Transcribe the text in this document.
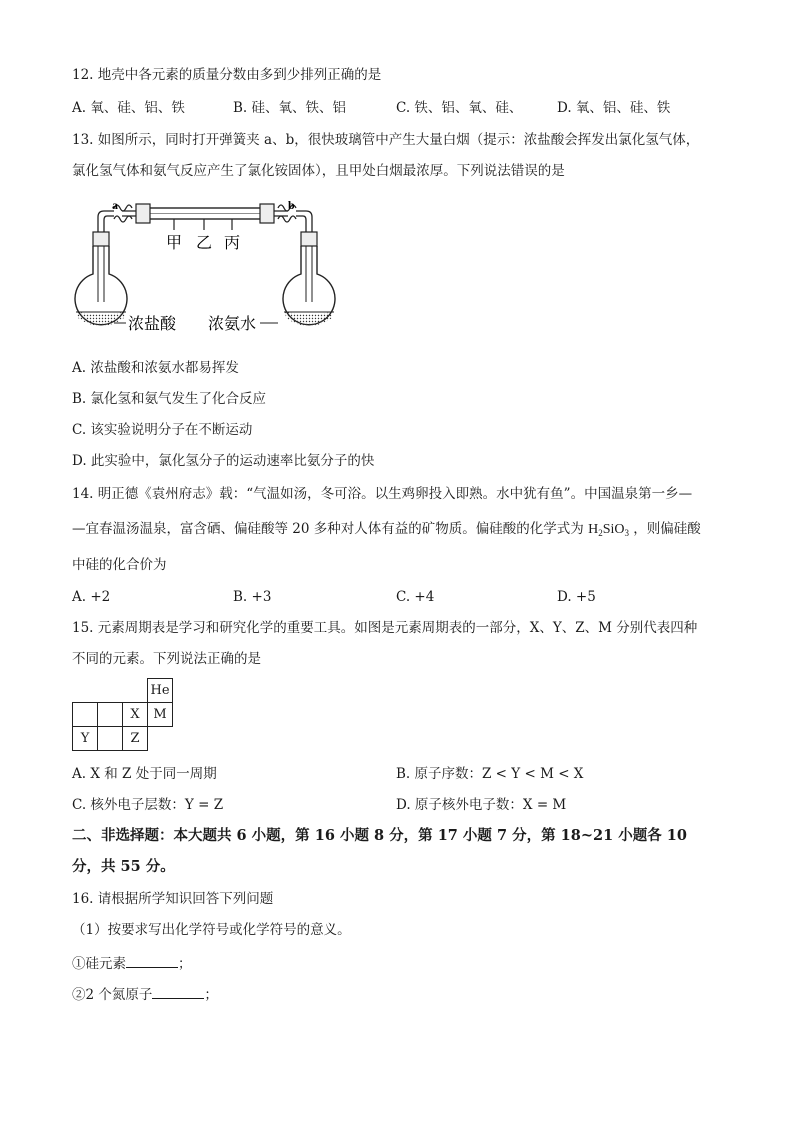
12. 地壳中各元素的质量分数由多到少排列正确的是
A. 氧、硅、铝、铁	B. 硅、氧、铁、铝	C. 铁、铝、氧、硅、	D. 氧、铝、硅、铁
13. 如图所示，同时打开弹簧夹 a、b，很快玻璃管中产生大量白烟（提示：浓盐酸会挥发出氯化氢气体，
氯化氢气体和氨气反应产生了氯化铵固体），且甲处白烟最浓厚。下列说法错误的是
a	b
甲 乙 丙
浓盐酸 浓氨水
A. 浓盐酸和浓氨水都易挥发
B. 氯化氢和氨气发生了化合反应
C. 该实验说明分子在不断运动
D. 此实验中，氯化氢分子的运动速率比氨分子的快
14. 明正德《袁州府志》载：“气温如汤，冬可浴。以生鸡卵投入即熟。水中犹有鱼”。中国温泉第一乡—
—宜春温汤温泉，富含硒、偏硅酸等 20 多种对人体有益的矿物质。偏硅酸的化学式为 $H_2SiO_3$ ，则偏硅酸
中硅的化合价为
A. +2	B. +3	C. +4	D. +5
15. 元素周期表是学习和研究化学的重要工具。如图是元素周期表的一部分，X、Y、Z、M 分别代表四种
不同的元素。下列说法正确的是
			He
		X	M
Y		Z	
A. X 和 Z 处于同一周期	B. 原子序数：Z < Y < M < X
C. 核外电子层数：Y = Z	D. 原子核外电子数：X = M
二、非选择题：本大题共 6 小题，第 16 小题 8 分，第 17 小题 7 分，第 18~21 小题各 10
分，共 55 分。
16. 请根据所学知识回答下列问题
（1）按要求写出化学符号或化学符号的意义。
①硅元素	；
②2 个氮原子	；
